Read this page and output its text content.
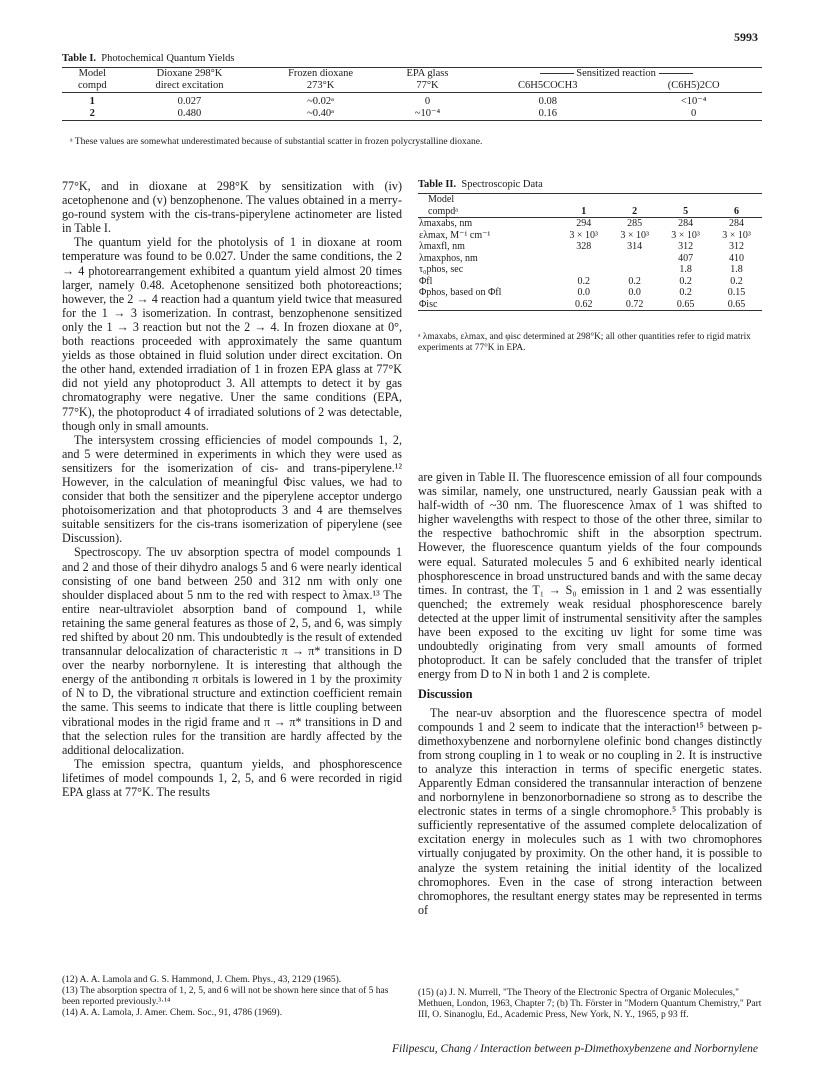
5993
Table I. Photochemical Quantum Yields
Model	Dioxane 298°K	Frozen dioxane	EPA glass	Sensitized reaction	
compd	direct excitation	273°K	77°K	C6H5COCH3	(C6H5)2CO
1	0.027	~0.02ᵃ	0	0.08	<10⁻⁴
2	0.480	~0.40ᵃ	~10⁻⁴	0.16	0
ᵃ These values are somewhat underestimated because of substantial scatter in frozen polycrystalline dioxane.

77°K, and in dioxane at 298°K by sensitization with (iv) acetophenone and (v) benzophenone. The values obtained in a merry-go-round system with the cis-trans-piperylene actinometer are listed in Table I.

The quantum yield for the photolysis of 1 in dioxane at room temperature was found to be 0.027. Under the same conditions, the 2 → 4 photorearrangement exhibited a quantum yield almost 20 times larger, namely 0.48. Acetophenone sensitized both photoreactions; however, the 2 → 4 reaction had a quantum yield twice that measured for the 1 → 3 isomerization. In contrast, benzophenone sensitized only the 1 → 3 reaction but not the 2 → 4. In frozen dioxane at 0°, both reactions proceeded with approximately the same quantum yields as those obtained in fluid solution under direct excitation. On the other hand, extended irradiation of 1 in frozen EPA glass at 77°K did not yield any photoproduct 3. All attempts to detect it by gas chromatography were negative. Uner the same conditions (EPA, 77°K), the photoproduct 4 of irradiated solutions of 2 was detectable, though only in small amounts.

The intersystem crossing efficiencies of model compounds 1, 2, and 5 were determined in experiments in which they were used as sensitizers for the isomerization of cis- and trans-piperylene.¹² However, in the calculation of meaningful Φisc values, we had to consider that both the sensitizer and the piperylene acceptor undergo photoisomerization and that photoproducts 3 and 4 are themselves suitable sensitizers for the cis-trans isomerization of piperylene (see Discussion).

Spectroscopy. The uv absorption spectra of model compounds 1 and 2 and those of their dihydro analogs 5 and 6 were nearly identical consisting of one band between 250 and 312 nm with only one shoulder displaced about 5 nm to the red with respect to λmax.¹³ The entire near-ultraviolet absorption band of compound 1, while retaining the same general features as those of 2, 5, and 6, was simply red shifted by about 20 nm. This undoubtedly is the result of extended transannular delocalization of characteristic π → π* transitions in D over the nearby norbornylene. It is interesting that although the energy of the antibonding π orbitals is lowered in 1 by the proximity of N to D, the vibrational structure and extinction coefficient remain the same. This seems to indicate that there is little coupling between vibrational modes in the rigid frame and π → π* transitions in D and that the selection rules for the transition are hardly affected by the additional delocalization.

The emission spectra, quantum yields, and phosphorescence lifetimes of model compounds 1, 2, 5, and 6 were recorded in rigid EPA glass at 77°K. The results

Table II. Spectroscopic Data
Model				
compdᵃ	1	2	5	6
λmaxabs, nm	294	285	284	284
ελmax, M⁻¹ cm⁻¹	3 × 10³	3 × 10³	3 × 10³	3 × 10³
λmaxfl, nm	328	314	312	312
λmaxphos, nm			407	410
τ₀phos, sec			1.8	1.8
Φfl	0.2	0.2	0.2	0.2
Φphos, based on Φfl	0.0	0.0	0.2	0.15
Φisc	0.62	0.72	0.65	0.65
ᵃ λmaxabs, ελmax, and φisc determined at 298°K; all other quantities refer to rigid matrix experiments at 77°K in EPA.

are given in Table II. The fluorescence emission of all four compounds was similar, namely, one unstructured, nearly Gaussian peak with a half-width of ~30 nm. The fluorescence λmax of 1 was shifted to higher wavelengths with respect to those of the other three, similar to the respective bathochromic shift in the absorption spectrum. However, the fluorescence quantum yields of the four compounds were equal. Saturated molecules 5 and 6 exhibited nearly identical phosphorescence in broad unstructured bands and with the same decay times. In contrast, the T₁ → S₀ emission in 1 and 2 was essentially quenched; the extremely weak residual phosphorescence barely detected at the upper limit of instrumental sensitivity after the samples have been exposed to the exciting uv light for some time was undoubtedly originating from very small amounts of formed photoproduct. It can be safely concluded that the transfer of triplet energy from D to N in both 1 and 2 is complete.

Discussion

The near-uv absorption and the fluorescence spectra of model compounds 1 and 2 seem to indicate that the interaction¹⁵ between p-dimethoxybenzene and norbornylene olefinic bond changes distinctly from strong coupling in 1 to weak or no coupling in 2. It is instructive to analyze this interaction in terms of specific energetic states. Apparently Edman considered the transannular interaction of benzene and norbornylene in benzonorbornadiene so strong as to describe the electronic states in terms of a single chromophore.⁵ This probably is sufficiently representative of the assumed complete delocalization of excitation energy in molecules such as 1 with two chromophores virtually conjugated by proximity. On the other hand, it is possible to analyze the system retaining the initial identity of the localized chromophores. Even in the case of strong interaction between chromophores, the resultant energy states may be represented in terms of

(12) A. A. Lamola and G. S. Hammond, J. Chem. Phys., 43, 2129 (1965).
(13) The absorption spectra of 1, 2, 5, and 6 will not be shown here since that of 5 has been reported previously.³·¹⁴
(14) A. A. Lamola, J. Amer. Chem. Soc., 91, 4786 (1969).
(15) (a) J. N. Murrell, "The Theory of the Electronic Spectra of Organic Molecules," Methuen, London, 1963, Chapter 7; (b) Th. Förster in "Modern Quantum Chemistry," Part III, O. Sinanoglu, Ed., Academic Press, New York, N. Y., 1965, p 93 ff.
Filipescu, Chang / Interaction between p-Dimethoxybenzene and Norbornylene
